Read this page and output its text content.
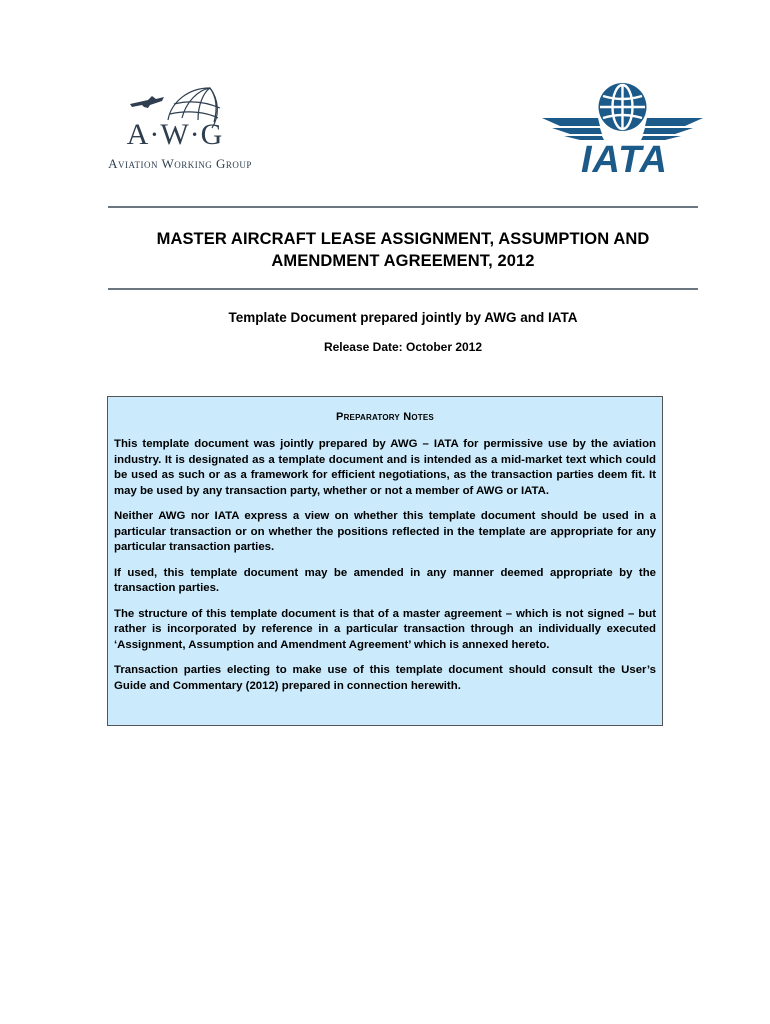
A·W·G
Aviation Working Group	IATA
MASTER AIRCRAFT LEASE ASSIGNMENT, ASSUMPTION AND AMENDMENT AGREEMENT, 2012
Template Document prepared jointly by AWG and IATA
Release Date: October 2012
Preparatory Notes

This template document was jointly prepared by AWG – IATA for permissive use by the aviation industry. It is designated as a template document and is intended as a mid-market text which could be used as such or as a framework for efficient negotiations, as the transaction parties deem fit. It may be used by any transaction party, whether or not a member of AWG or IATA.

Neither AWG nor IATA express a view on whether this template document should be used in a particular transaction or on whether the positions reflected in the template are appropriate for any particular transaction parties.

If used, this template document may be amended in any manner deemed appropriate by the transaction parties.

The structure of this template document is that of a master agreement – which is not signed – but rather is incorporated by reference in a particular transaction through an individually executed ‘Assignment, Assumption and Amendment Agreement’ which is annexed hereto.

Transaction parties electing to make use of this template document should consult the User’s Guide and Commentary (2012) prepared in connection herewith.
